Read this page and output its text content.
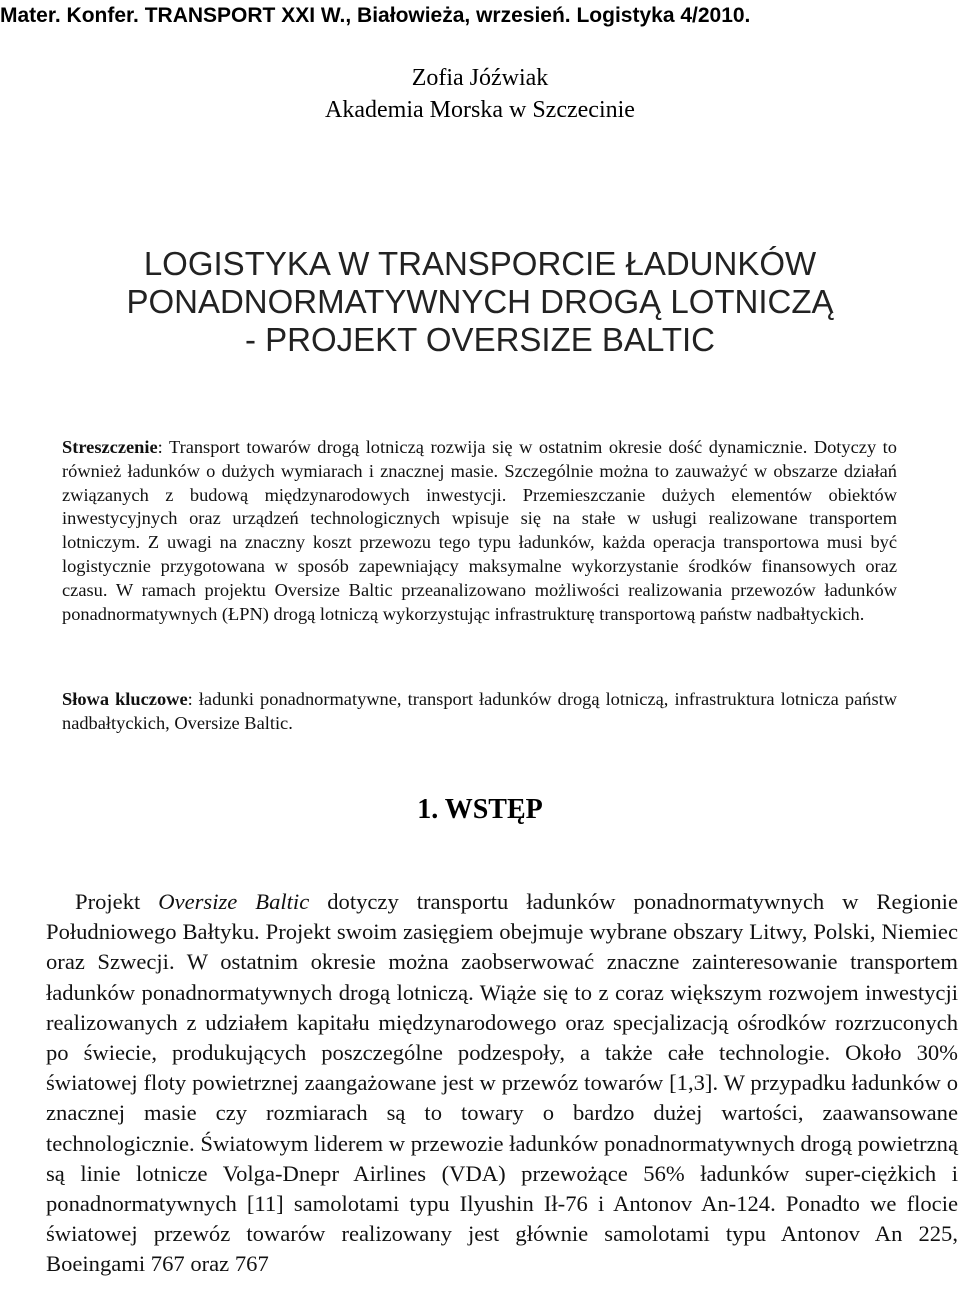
Mater. Konfer. TRANSPORT XXI W., Białowieża, wrzesień. Logistyka 4/2010.
Zofia Jóźwiak
Akademia Morska w Szczecinie
LOGISTYKA W TRANSPORCIE ŁADUNKÓW
PONADNORMATYWNYCH DROGĄ LOTNICZĄ
- PROJEKT OVERSIZE BALTIC

Streszczenie: Transport towarów drogą lotniczą rozwija się w ostatnim okresie dość dynamicznie. Dotyczy to również ładunków o dużych wymiarach i znacznej masie. Szczególnie można to zauważyć w obszarze działań związanych z budową międzynarodowych inwestycji. Przemieszczanie dużych elementów obiektów inwestycyjnych oraz urządzeń technologicznych wpisuje się na stałe w usługi realizowane transportem lotniczym. Z uwagi na znaczny koszt przewozu tego typu ładunków, każda operacja transportowa musi być logistycznie przygotowana w sposób zapewniający maksymalne wykorzystanie środków finansowych oraz czasu. W ramach projektu Oversize Baltic przeanalizowano możliwości realizowania przewozów ładunków ponadnormatywnych (ŁPN) drogą lotniczą wykorzystując infrastrukturę transportową państw nadbałtyckich.

Słowa kluczowe: ładunki ponadnormatywne, transport ładunków drogą lotniczą, infrastruktura lotnicza państw nadbałtyckich, Oversize Baltic.

1. WSTĘP

Projekt Oversize Baltic dotyczy transportu ładunków ponadnormatywnych w Regionie Południowego Bałtyku. Projekt swoim zasięgiem obejmuje wybrane obszary Litwy, Polski, Niemiec oraz Szwecji. W ostatnim okresie można zaobserwować znaczne zainteresowanie transportem ładunków ponadnormatywnych drogą lotniczą. Wiąże się to z coraz większym rozwojem inwestycji realizowanych z udziałem kapitału międzynarodowego oraz specjalizacją ośrodków rozrzuconych po świecie, produkujących poszczególne podzespoły, a także całe technologie. Około 30% światowej floty powietrznej zaangażowane jest w przewóz towarów [1,3]. W przypadku ładunków o znacznej masie czy rozmiarach są to towary o bardzo dużej wartości, zaawansowane technologicznie. Światowym liderem w przewozie ładunków ponadnormatywnych drogą powietrzną są linie lotnicze Volga-Dnepr Airlines (VDA) przewożące 56% ładunków super-ciężkich i ponadnormatywnych [11] samolotami typu Ilyushin Ił-76 i Antonov An-124. Ponadto we flocie światowej przewóz towarów realizowany jest głównie samolotami typu Antonov An 225, Boeingami 767 oraz 767
